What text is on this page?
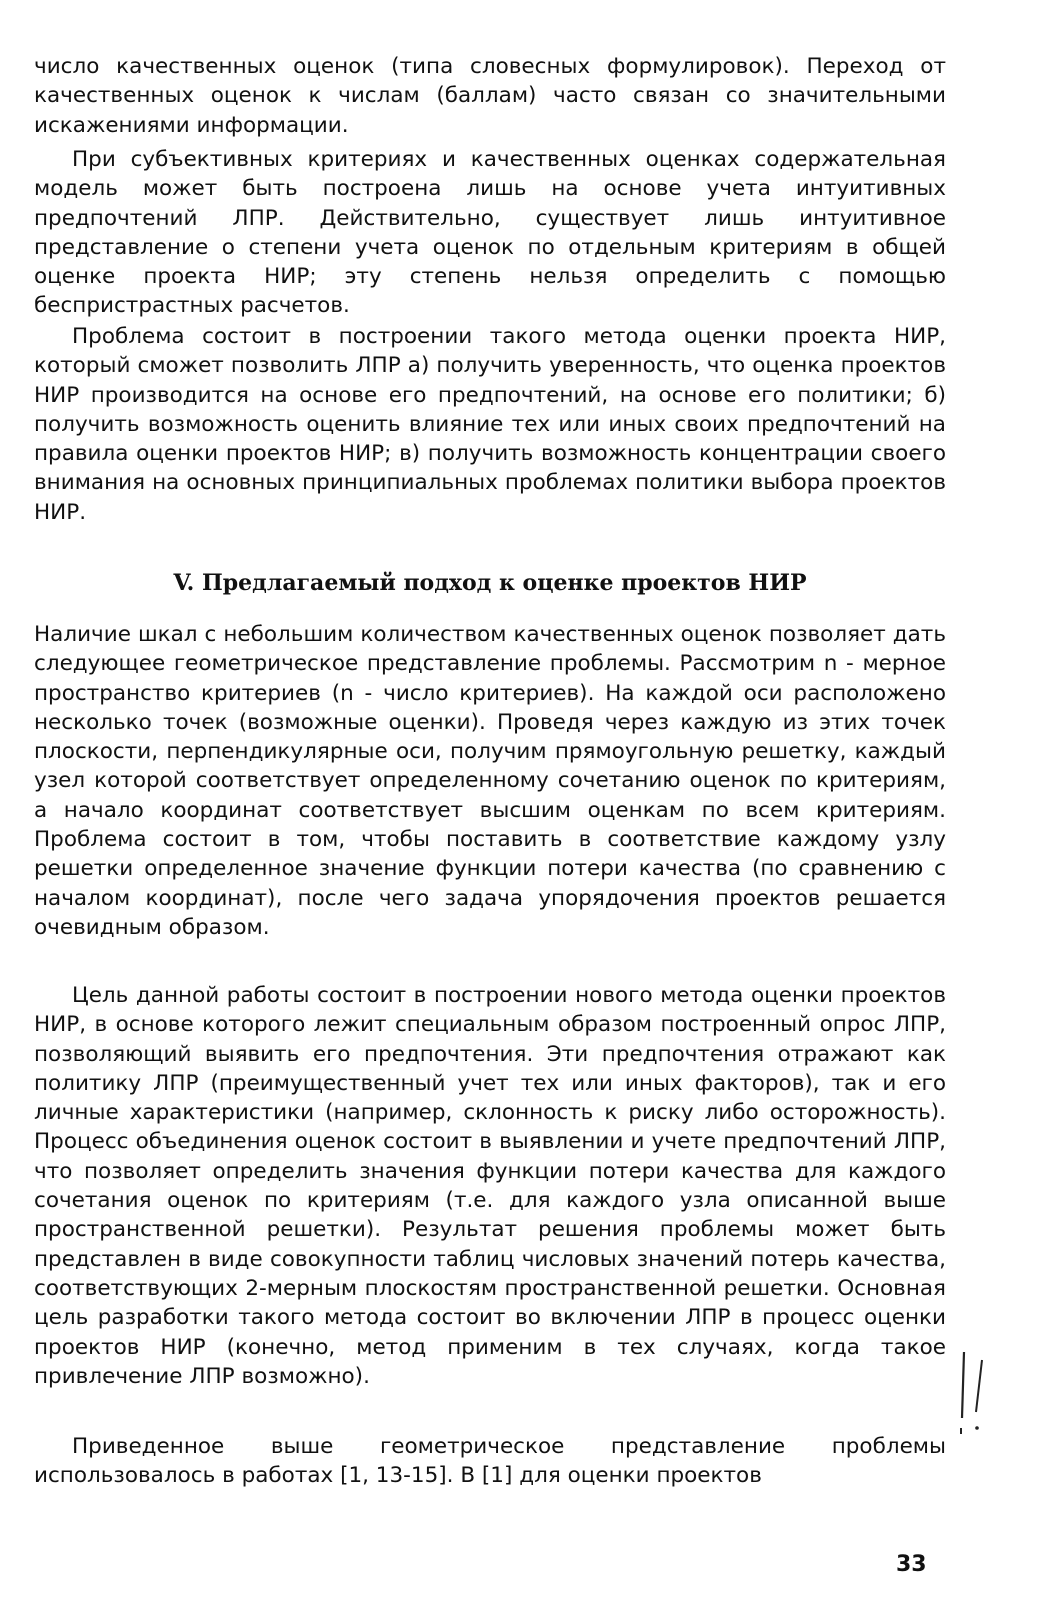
число качественных оценок (типа словесных формулировок). Переход от качественных оценок к числам (баллам) часто связан со значительными искажениями информации.

При субъективных критериях и качественных оценках содержательная модель может быть построена лишь на основе учета интуитивных предпочтений ЛПР. Действительно, существует лишь интуитивное представление о степени учета оценок по отдельным критериям в общей оценке проекта НИР; эту степень нельзя определить с помощью беспристрастных расчетов.

Проблема состоит в построении такого метода оценки проекта НИР, который сможет позволить ЛПР а) получить уверенность, что оценка проектов НИР производится на основе его предпочтений, на основе его политики; б) получить возможность оценить влияние тех или иных своих предпочтений на правила оценки проектов НИР; в) получить возможность концентрации своего внимания на основных принципиальных проблемах политики выбора проектов НИР.

V. Предлагаемый подход к оценке проектов НИР

Наличие шкал с небольшим количеством качественных оценок позволяет дать следующее геометрическое представление проблемы. Рассмотрим n - мерное пространство критериев (n - число критериев). На каждой оси расположено несколько точек (возможные оценки). Проведя через каждую из этих точек плоскости, перпендикулярные оси, получим прямоугольную решетку, каждый узел которой соответствует определенному сочетанию оценок по критериям, а начало координат соответствует высшим оценкам по всем критериям. Проблема состоит в том, чтобы поставить в соответствие каждому узлу решетки определенное значение функции потери качества (по сравнению с началом координат), после чего задача упорядочения проектов решается очевидным образом.

Цель данной работы состоит в построении нового метода оценки проектов НИР, в основе которого лежит специальным образом построенный опрос ЛПР, позволяющий выявить его предпочтения. Эти предпочтения отражают как политику ЛПР (преимущественный учет тех или иных факторов), так и его личные характеристики (например, склонность к риску либо осторожность). Процесс объединения оценок состоит в выявлении и учете предпочтений ЛПР, что позволяет определить значения функции потери качества для каждого сочетания оценок по критериям (т.е. для каждого узла описанной выше пространственной решетки). Результат решения проблемы может быть представлен в виде совокупности таблиц числовых значений потерь качества, соответствующих 2-мерным плоскостям пространственной решетки. Основная цель разработки такого метода состоит во включении ЛПР в процесс оценки проектов НИР (конечно, метод применим в тех случаях, когда такое привлечение ЛПР возможно).

Приведенное выше геометрическое представление проблемы использовалось в работах [1, 13-15]. В [1] для оценки проектов

33
